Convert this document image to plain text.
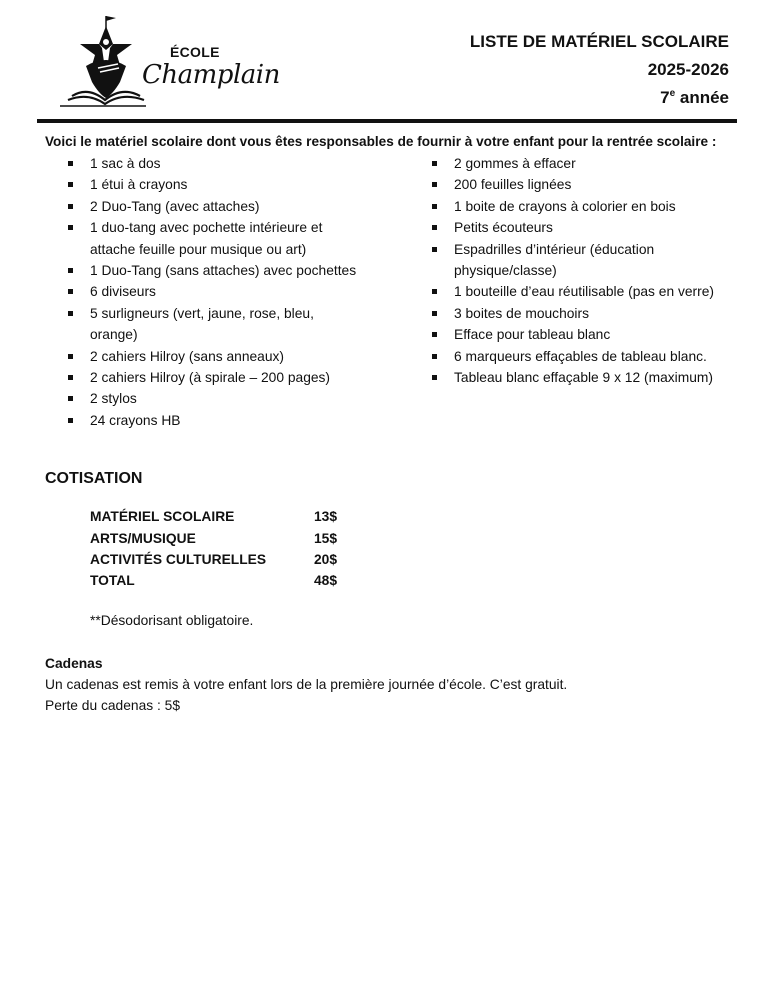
ÉCOLE
Champlain
LISTE DE MATÉRIEL SCOLAIRE
2025-2026
7e année
Voici le matériel scolaire dont vous êtes responsables de fournir à votre enfant pour la rentrée scolaire :
1 sac à dos
1 étui à crayons
2 Duo-Tang (avec attaches)
1 duo-tang avec pochette intérieure et attache feuille pour musique ou art)
1 Duo-Tang (sans attaches) avec pochettes
6 diviseurs
5 surligneurs (vert, jaune, rose, bleu, orange)
2 cahiers Hilroy (sans anneaux)
2 cahiers Hilroy (à spirale – 200 pages)
2 stylos
24 crayons HB
2 gommes à effacer
200 feuilles lignées
1 boite de crayons à colorier en bois
Petits écouteurs
Espadrilles d’intérieur (éducation physique/classe)
1 bouteille d’eau réutilisable (pas en verre)
3 boites de mouchoirs
Efface pour tableau blanc
6 marqueurs effaçables de tableau blanc.
Tableau blanc effaçable 9 x 12 (maximum)
COTISATION
MATÉRIEL SCOLAIRE	13$
ARTS/MUSIQUE	15$
ACTIVITÉS CULTURELLES	20$
TOTAL	48$
**Désodorisant obligatoire.
Cadenas
Un cadenas est remis à votre enfant lors de la première journée d’école. C’est gratuit.
Perte du cadenas : 5$
